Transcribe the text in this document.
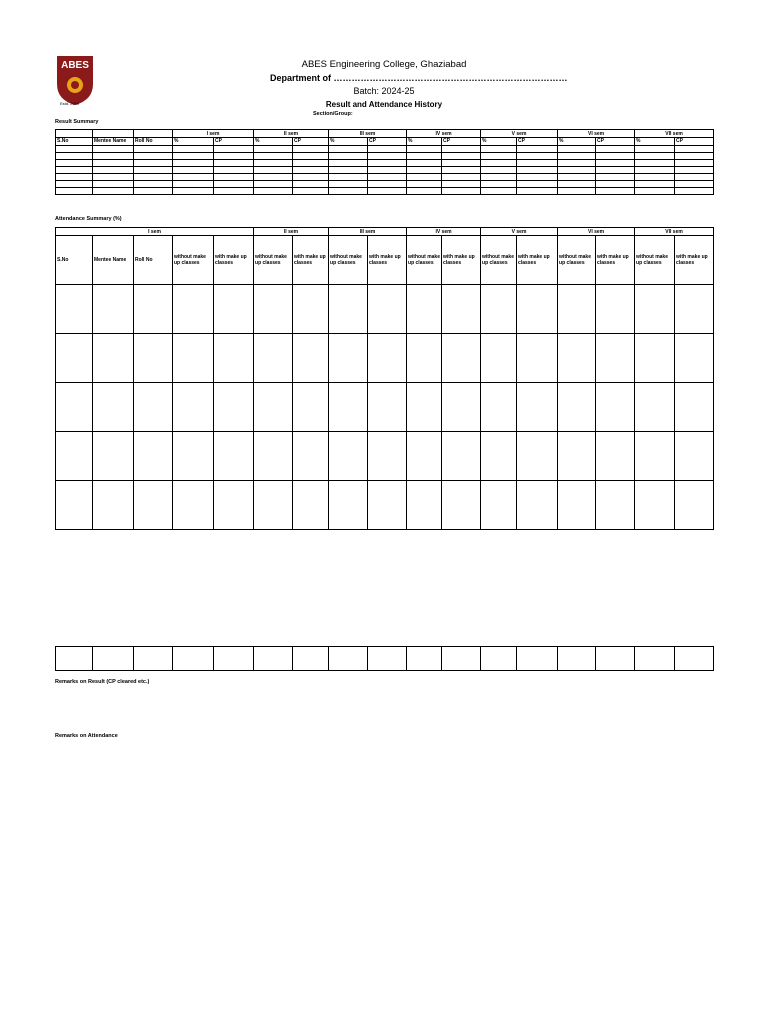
ABES
Estd. 2000
ABES Engineering College, Ghaziabad
Department of ……………………………………………………………………
Batch: 2024-25
Result and Attendance History
Section/Group:
Result Summary
			I sem		II sem		III sem		IV sem		V sem		VI sem		VII sem	
S.No	Mentee Name	Roll No	%	CP	%	CP	%	CP	%	CP	%	CP	%	CP	%	CP

Attendance Summary (%)
I sem					II sem		III sem		IV sem		V sem		VI sem		VII sem	
S.No	Mentee Name	Roll No	without make up classes	with make up classes	without make up classes	with make up classes	without make up classes	with make up classes	without make up classes	with make up classes	without make up classes	with make up classes	without make up classes	with make up classes	without make up classes	with make up classes

Remarks on Result (CP cleared etc.)
Remarks on Attendance
